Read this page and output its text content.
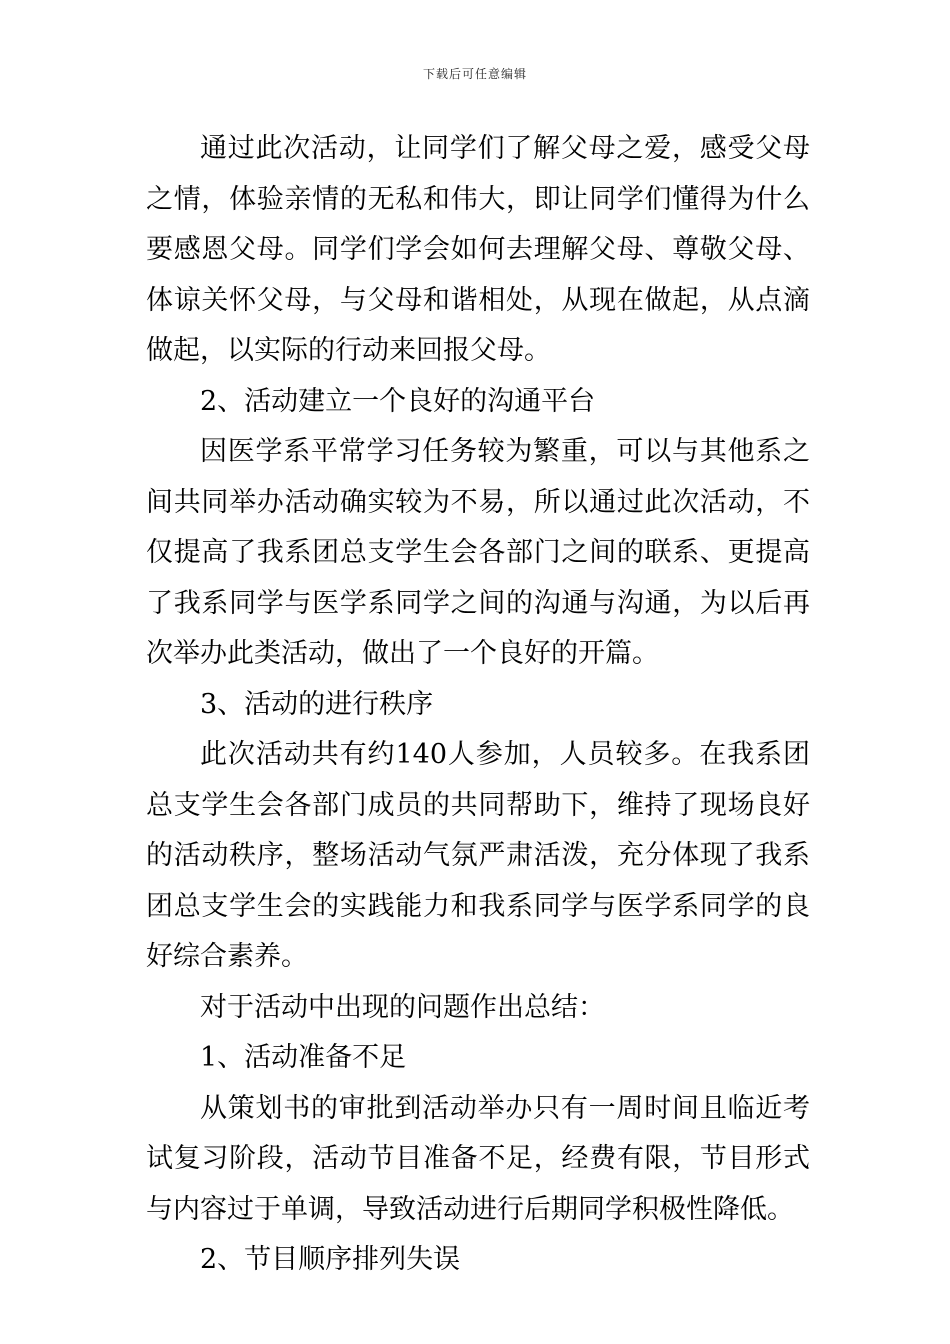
下载后可任意编辑

通过此次活动，让同学们了解父母之爱，感受父母之情，体验亲情的无私和伟大，即让同学们懂得为什么要感恩父母。同学们学会如何去理解父母、尊敬父母、体谅关怀父母，与父母和谐相处，从现在做起，从点滴做起，以实际的行动来回报父母。

2、活动建立一个良好的沟通平台

因医学系平常学习任务较为繁重，可以与其他系之间共同举办活动确实较为不易，所以通过此次活动，不仅提高了我系团总支学生会各部门之间的联系、更提高了我系同学与医学系同学之间的沟通与沟通，为以后再次举办此类活动，做出了一个良好的开篇。

3、活动的进行秩序

此次活动共有约140人参加，人员较多。在我系团总支学生会各部门成员的共同帮助下，维持了现场良好的活动秩序，整场活动气氛严肃活泼，充分体现了我系团总支学生会的实践能力和我系同学与医学系同学的良好综合素养。

对于活动中出现的问题作出总结：

1、活动准备不足

从策划书的审批到活动举办只有一周时间且临近考试复习阶段，活动节目准备不足，经费有限，节目形式与内容过于单调，导致活动进行后期同学积极性降低。

2、节目顺序排列失误
